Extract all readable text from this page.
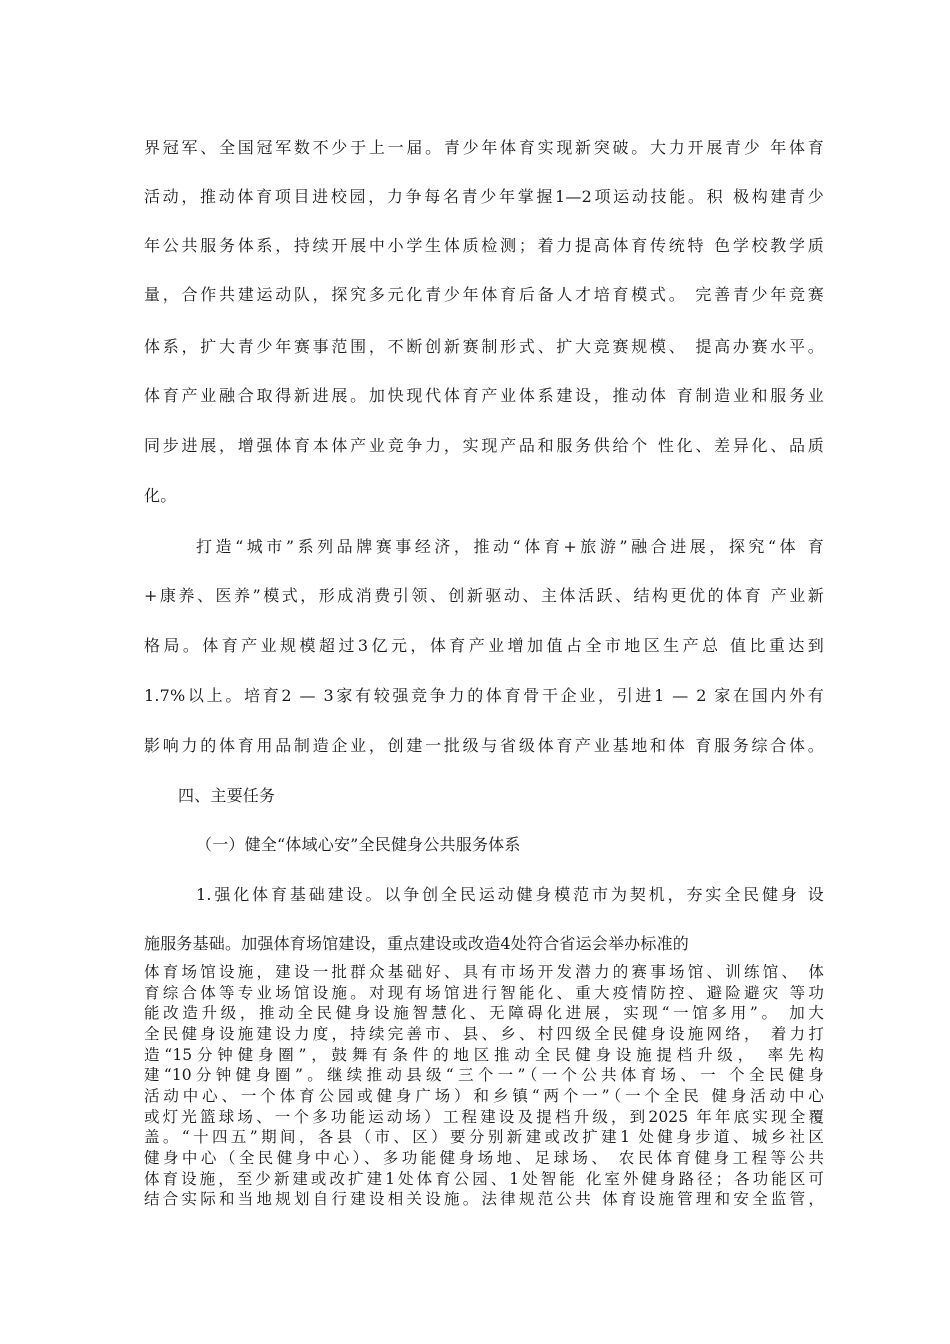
界冠军、全国冠军数不少于上一届。青少年体育实现新突破。大力开展青少 年体育
活动，推动体育项目进校园，力争每名青少年掌握1—2项运动技能。积 极构建青少
年公共服务体系，持续开展中小学生体质检测；着力提高体育传统特 色学校教学质
量，合作共建运动队，探究多元化青少年体育后备人才培育模式。 完善青少年竞赛
体系，扩大青少年赛事范围，不断创新赛制形式、扩大竞赛规模、 提高办赛水平。
体育产业融合取得新进展。加快现代体育产业体系建设，推动体 育制造业和服务业
同步进展，增强体育本体产业竞争力，实现产品和服务供给个 性化、差异化、品质
化。
打造“城市”系列品牌赛事经济，推动“体育+旅游”融合进展，探究“体 育
+康养、医养”模式，形成消费引领、创新驱动、主体活跃、结构更优的体育 产业新
格局。体育产业规模超过3亿元，体育产业增加值占全市地区生产总 值比重达到
1.7%以上。培育2 — 3家有较强竞争力的体育骨干企业，引进1 — 2 家在国内外有
影响力的体育用品制造企业，创建一批级与省级体育产业基地和体 育服务综合体。
四、主要任务
（一）健全“体域心安”全民健身公共服务体系
1.强化体育基础建设。以争创全民运动健身模范市为契机，夯实全民健身 设
施服务基础。加强体育场馆建设，重点建设或改造4处符合省运会举办标准的
体育场馆设施，建设一批群众基础好、具有市场开发潜力的赛事场馆、训练馆、 体
育综合体等专业场馆设施。对现有场馆进行智能化、重大疫情防控、避险避灾 等功
能改造升级，推动全民健身设施智慧化、无障碍化进展，实现“一馆多用”。 加大
全民健身设施建设力度，持续完善市、县、乡、村四级全民健身设施网络， 着力打
造“15分钟健身圈”，鼓舞有条件的地区推动全民健身设施提档升级， 率先构
建“10分钟健身圈”。继续推动县级“三个一”（一个公共体育场、一 个全民健身
活动中心、一个体育公园或健身广场）和乡镇“两个一”（一个全民 健身活动中心
或灯光篮球场、一个多功能运动场）工程建设及提档升级，到2025 年年底实现全覆
盖。“十四五”期间，各县（市、区）要分别新建或改扩建1 处健身步道、城乡社区
健身中心（全民健身中心）、多功能健身场地、足球场、 农民体育健身工程等公共
体育设施，至少新建或改扩建1处体育公园、1处智能 化室外健身路径；各功能区可
结合实际和当地规划自行建设相关设施。法律规范公共 体育设施管理和安全监管，
